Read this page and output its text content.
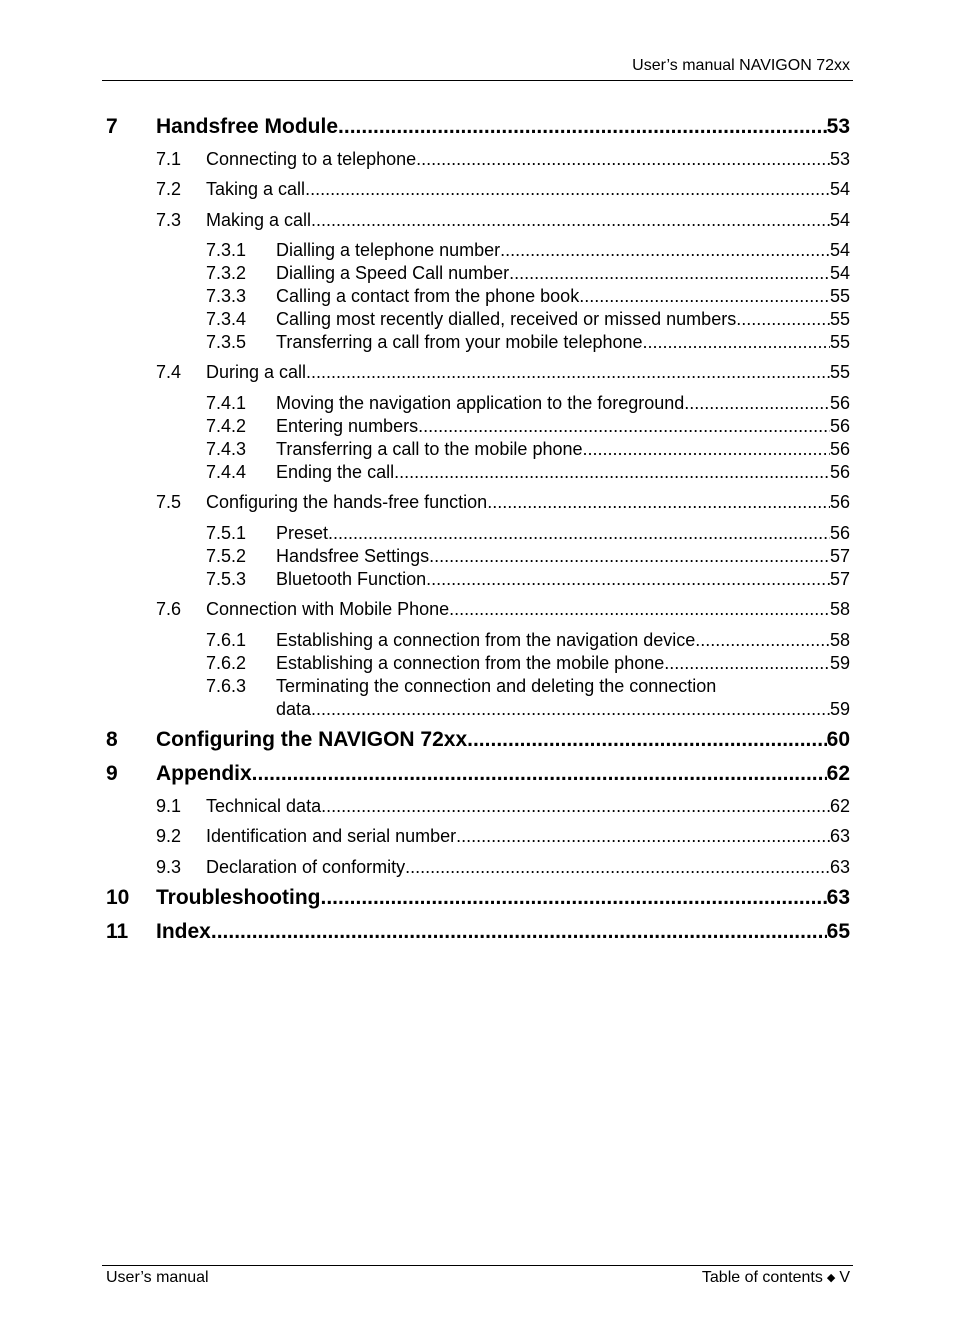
User’s manual NAVIGON 72xx
7 Handsfree Module .....	53
7.1 Connecting to a telephone .....	53
7.2 Taking a call .....	54
7.3 Making a call .....	54
7.3.1 Dialling a telephone number .....	54
7.3.2 Dialling a Speed Call number .....	54
7.3.3 Calling a contact from the phone book .....	55
7.3.4 Calling most recently dialled, received or missed numbers .....	55
7.3.5 Transferring a call from your mobile telephone .....	55
7.4 During a call .....	55
7.4.1 Moving the navigation application to the foreground .....	56
7.4.2 Entering numbers .....	56
7.4.3 Transferring a call to the mobile phone .....	56
7.4.4 Ending the call .....	56
7.5 Configuring the hands-free function .....	56
7.5.1 Preset .....	56
7.5.2 Handsfree Settings .....	57
7.5.3 Bluetooth Function .....	57
7.6 Connection with Mobile Phone .....	58
7.6.1 Establishing a connection from the navigation device .....	58
7.6.2 Establishing a connection from the mobile phone .....	59
7.6.3 Terminating the connection and deleting the connection
data .....	59
8 Configuring the NAVIGON 72xx .....	60
9 Appendix .....	62
9.1 Technical data .....	62
9.2 Identification and serial number .....	63
9.3 Declaration of conformity .....	63
10 Troubleshooting .....	63
11 Index .....	65
User’s manual	Table of contents ◆ V
